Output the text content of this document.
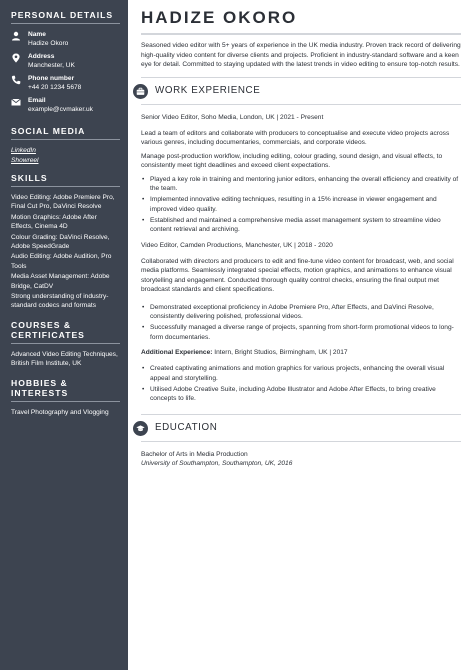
PERSONAL DETAILS
Name
Hadize Okoro
Address
Manchester, UK
Phone number
+44 20 1234 5678
Email
example@cvmaker.uk
SOCIAL MEDIA
LinkedIn
Showreel
SKILLS

Video Editing: Adobe Premiere Pro, Final Cut Pro, DaVinci Resolve

Motion Graphics: Adobe After Effects, Cinema 4D

Colour Grading: DaVinci Resolve, Adobe SpeedGrade

Audio Editing: Adobe Audition, Pro Tools

Media Asset Management: Adobe Bridge, CatDV

Strong understanding of industry-standard codecs and formats

COURSES &
CERTIFICATES

Advanced Video Editing Techniques, British Film Institute, UK

HOBBIES &
INTERESTS

Travel Photography and Vlogging

HADIZE OKORO

Seasoned video editor with 5+ years of experience in the UK media industry. Proven track record of delivering high-quality video content for diverse clients and projects. Proficient in industry-standard software and a keen eye for detail. Committed to staying updated with the latest trends in video editing to ensure top-notch results.

WORK EXPERIENCE

Senior Video Editor, Soho Media, London, UK | 2021 - Present

Lead a team of editors and collaborate with producers to conceptualise and execute video projects across various genres, including documentaries, commercials, and corporate videos.

Manage post-production workflow, including editing, colour grading, sound design, and visual effects, to consistently meet tight deadlines and exceed client expectations.

• Played a key role in training and mentoring junior editors, enhancing the overall efficiency and creativity of the team.
• Implemented innovative editing techniques, resulting in a 15% increase in viewer engagement and improved video quality.
• Established and maintained a comprehensive media asset management system to streamline video content retrieval and archiving.

Video Editor, Camden Productions, Manchester, UK | 2018 - 2020

Collaborated with directors and producers to edit and fine-tune video content for broadcast, web, and social media platforms. Seamlessly integrated special effects, motion graphics, and animations to enhance visual storytelling and engagement. Conducted thorough quality control checks, ensuring the final output met broadcast standards and client specifications.

• Demonstrated exceptional proficiency in Adobe Premiere Pro, After Effects, and DaVinci Resolve, consistently delivering polished, professional videos.
• Successfully managed a diverse range of projects, spanning from short-form promotional videos to long-form documentaries.

Additional Experience: Intern, Bright Studios, Birmingham, UK | 2017

• Created captivating animations and motion graphics for various projects, enhancing the overall visual appeal and storytelling.
• Utilised Adobe Creative Suite, including Adobe Illustrator and Adobe After Effects, to bring creative concepts to life.
EDUCATION

Bachelor of Arts in Media Production

University of Southampton, Southampton, UK, 2016
